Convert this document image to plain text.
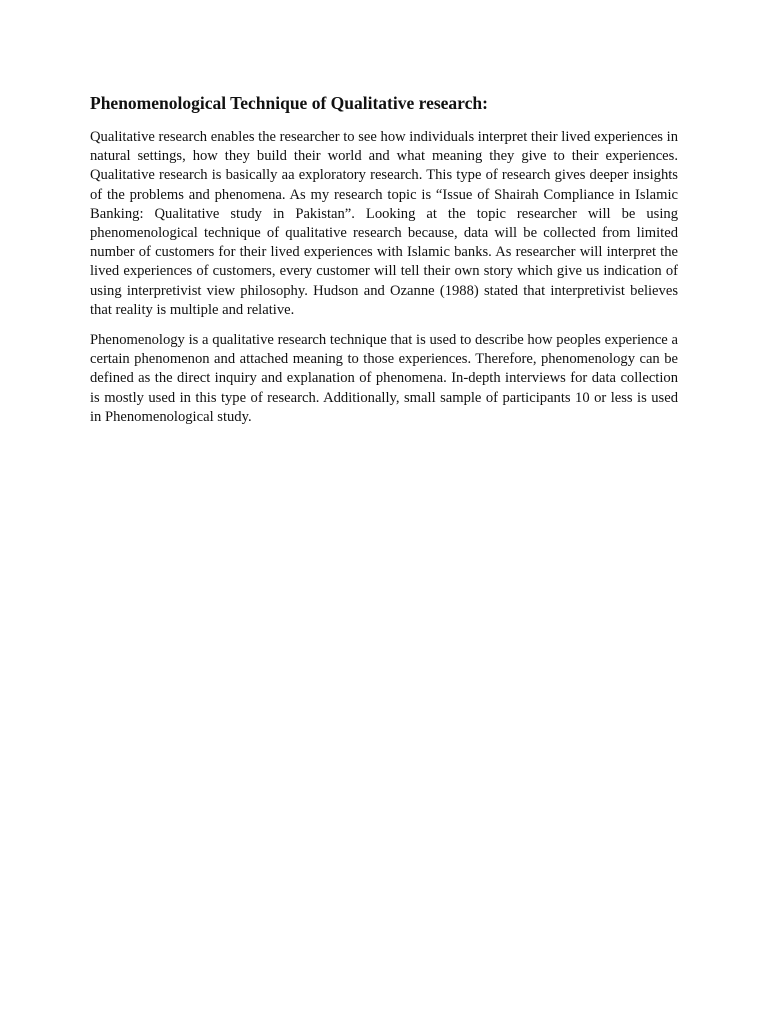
Phenomenological Technique of Qualitative research:

Qualitative research enables the researcher to see how individuals interpret their lived experiences in natural settings, how they build their world and what meaning they give to their experiences. Qualitative research is basically aa exploratory research. This type of research gives deeper insights of the problems and phenomena. As my research topic is “Issue of Shairah Compliance in Islamic Banking: Qualitative study in Pakistan”. Looking at the topic researcher will be using phenomenological technique of qualitative research because, data will be collected from limited number of customers for their lived experiences with Islamic banks. As researcher will interpret the lived experiences of customers, every customer will tell their own story which give us indication of using interpretivist view philosophy. Hudson and Ozanne (1988) stated that interpretivist believes that reality is multiple and relative.

Phenomenology is a qualitative research technique that is used to describe how peoples experience a certain phenomenon and attached meaning to those experiences. Therefore, phenomenology can be defined as the direct inquiry and explanation of phenomena. In-depth interviews for data collection is mostly used in this type of research. Additionally, small sample of participants 10 or less is used in Phenomenological study.
